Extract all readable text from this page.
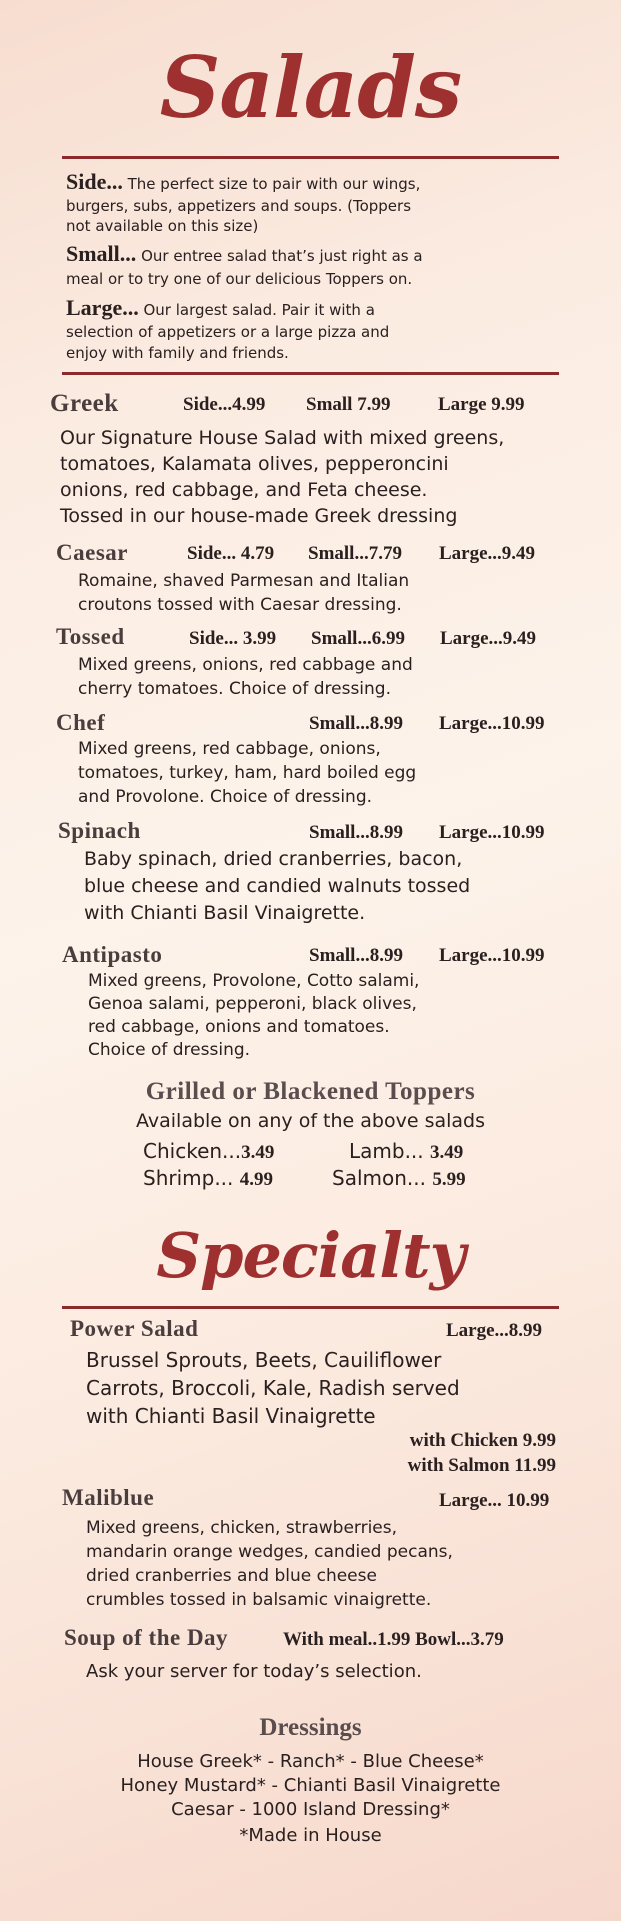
Salads
Side... The perfect size to pair with our wings,
burgers, subs, appetizers and soups. (Toppers
not available on this size)
Small... Our entree salad that’s just right as a
meal or to try one of our delicious Toppers on.
Large... Our largest salad. Pair it with a
selection of appetizers or a large pizza and
enjoy with family and friends.
Greek	Side...4.99 Small 7.99	Large 9.99
Our Signature House Salad with mixed greens,
tomatoes, Kalamata olives, pepperoncini
onions, red cabbage, and Feta cheese.
Tossed in our house-made Greek dressing
Caesar	Side... 4.79 Small...7.79 Large...9.49
Romaine, shaved Parmesan and Italian
croutons tossed with Caesar dressing.
Tossed	Side... 3.99 Small...6.99 Large...9.49
Mixed greens, onions, red cabbage and
cherry tomatoes. Choice of dressing.
Chef	Small...8.99 Large...10.99
Mixed greens, red cabbage, onions,
tomatoes, turkey, ham, hard boiled egg
and Provolone. Choice of dressing.
Spinach	Small...8.99 Large...10.99
Baby spinach, dried cranberries, bacon,
blue cheese and candied walnuts tossed
with Chianti Basil Vinaigrette.
Antipasto	Small...8.99 Large...10.99
Mixed greens, Provolone, Cotto salami,
Genoa salami, pepperoni, black olives,
red cabbage, onions and tomatoes.
Choice of dressing.
Grilled or Blackened Toppers
Available on any of the above salads
Chicken...3.49	Lamb... 3.49
Shrimp... 4.99	Salmon... 5.99
Specialty
Power Salad	Large...8.99
Brussel Sprouts, Beets, Cauiliflower
Carrots, Broccoli, Kale, Radish served
with Chianti Basil Vinaigrette
with Chicken 9.99
with Salmon 11.99
Maliblue	Large... 10.99
Mixed greens, chicken, strawberries,
mandarin orange wedges, candied pecans,
dried cranberries and blue cheese
crumbles tossed in balsamic vinaigrette.
Soup of the Day	With meal..1.99 Bowl...3.79
Ask your server for today’s selection.
Dressings
House Greek* - Ranch* - Blue Cheese*
Honey Mustard* - Chianti Basil Vinaigrette
Caesar - 1000 Island Dressing*
*Made in House
